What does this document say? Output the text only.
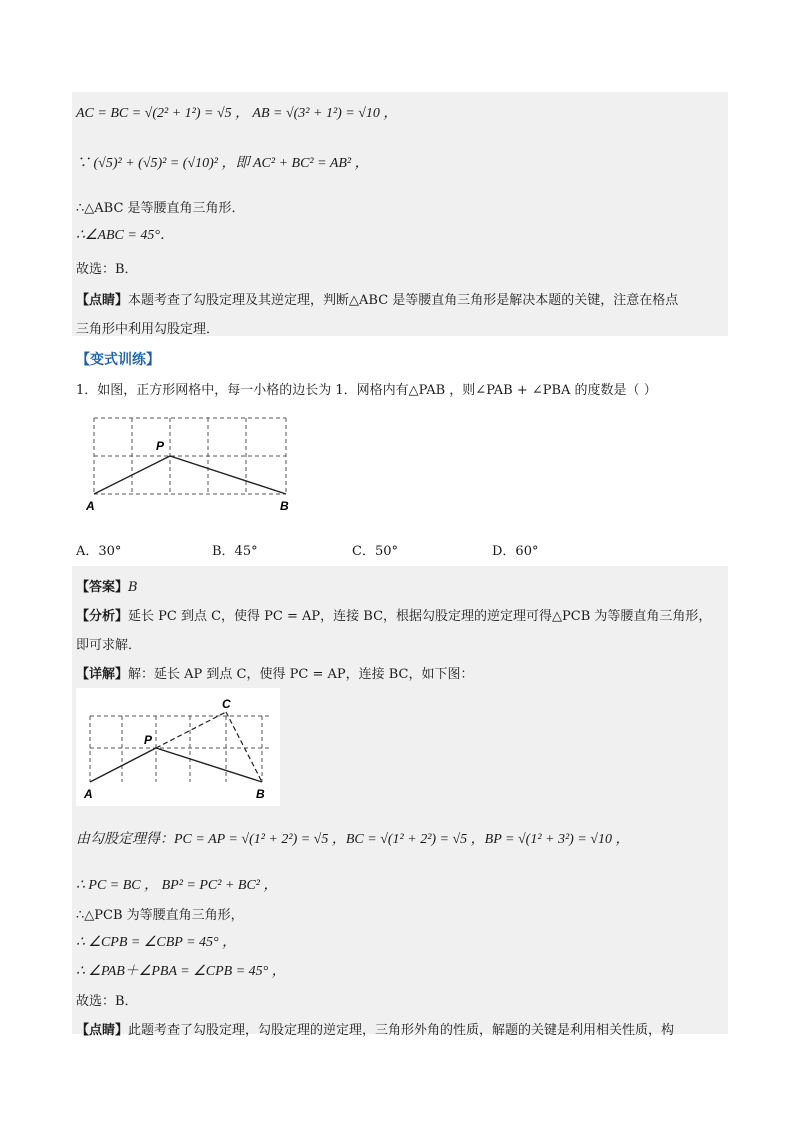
AC = BC = √(2² + 1²) = √5 ， AB = √(3² + 1²) = √10 ，
∵ (√5)² + (√5)² = (√10)² ，即 AC² + BC² = AB² ，
∴△ABC 是等腰直角三角形．
∴∠ABC = 45°．
故选：B．
【点睛】本题考查了勾股定理及其逆定理，判断△ABC 是等腰直角三角形是解决本题的关键，注意在格点
三角形中利用勾股定理．
【变式训练】
1．如图，正方形网格中，每一小格的边长为 1．网格内有△PAB ，则∠PAB + ∠PBA 的度数是（ ）
P
A	B
A．30°	B．45°	C．50°	D．60°
【答案】B
【分析】延长 PC 到点 C，使得 PC = AP，连接 BC，根据勾股定理的逆定理可得△PCB 为等腰直角三角形，
即可求解．
【详解】解：延长 AP 到点 C，使得 PC = AP，连接 BC，如下图：
C
P
A	B
由勾股定理得：PC = AP = √(1² + 2²) = √5 ，BC = √(1² + 2²) = √5 ，BP = √(1² + 3²) = √10 ，
∴ PC = BC ， BP² = PC² + BC² ，
∴△PCB 为等腰直角三角形，
∴ ∠CPB = ∠CBP = 45° ，
∴ ∠PAB＋∠PBA = ∠CPB = 45° ，
故选：B．
【点睛】此题考查了勾股定理，勾股定理的逆定理，三角形外角的性质，解题的关键是利用相关性质，构
